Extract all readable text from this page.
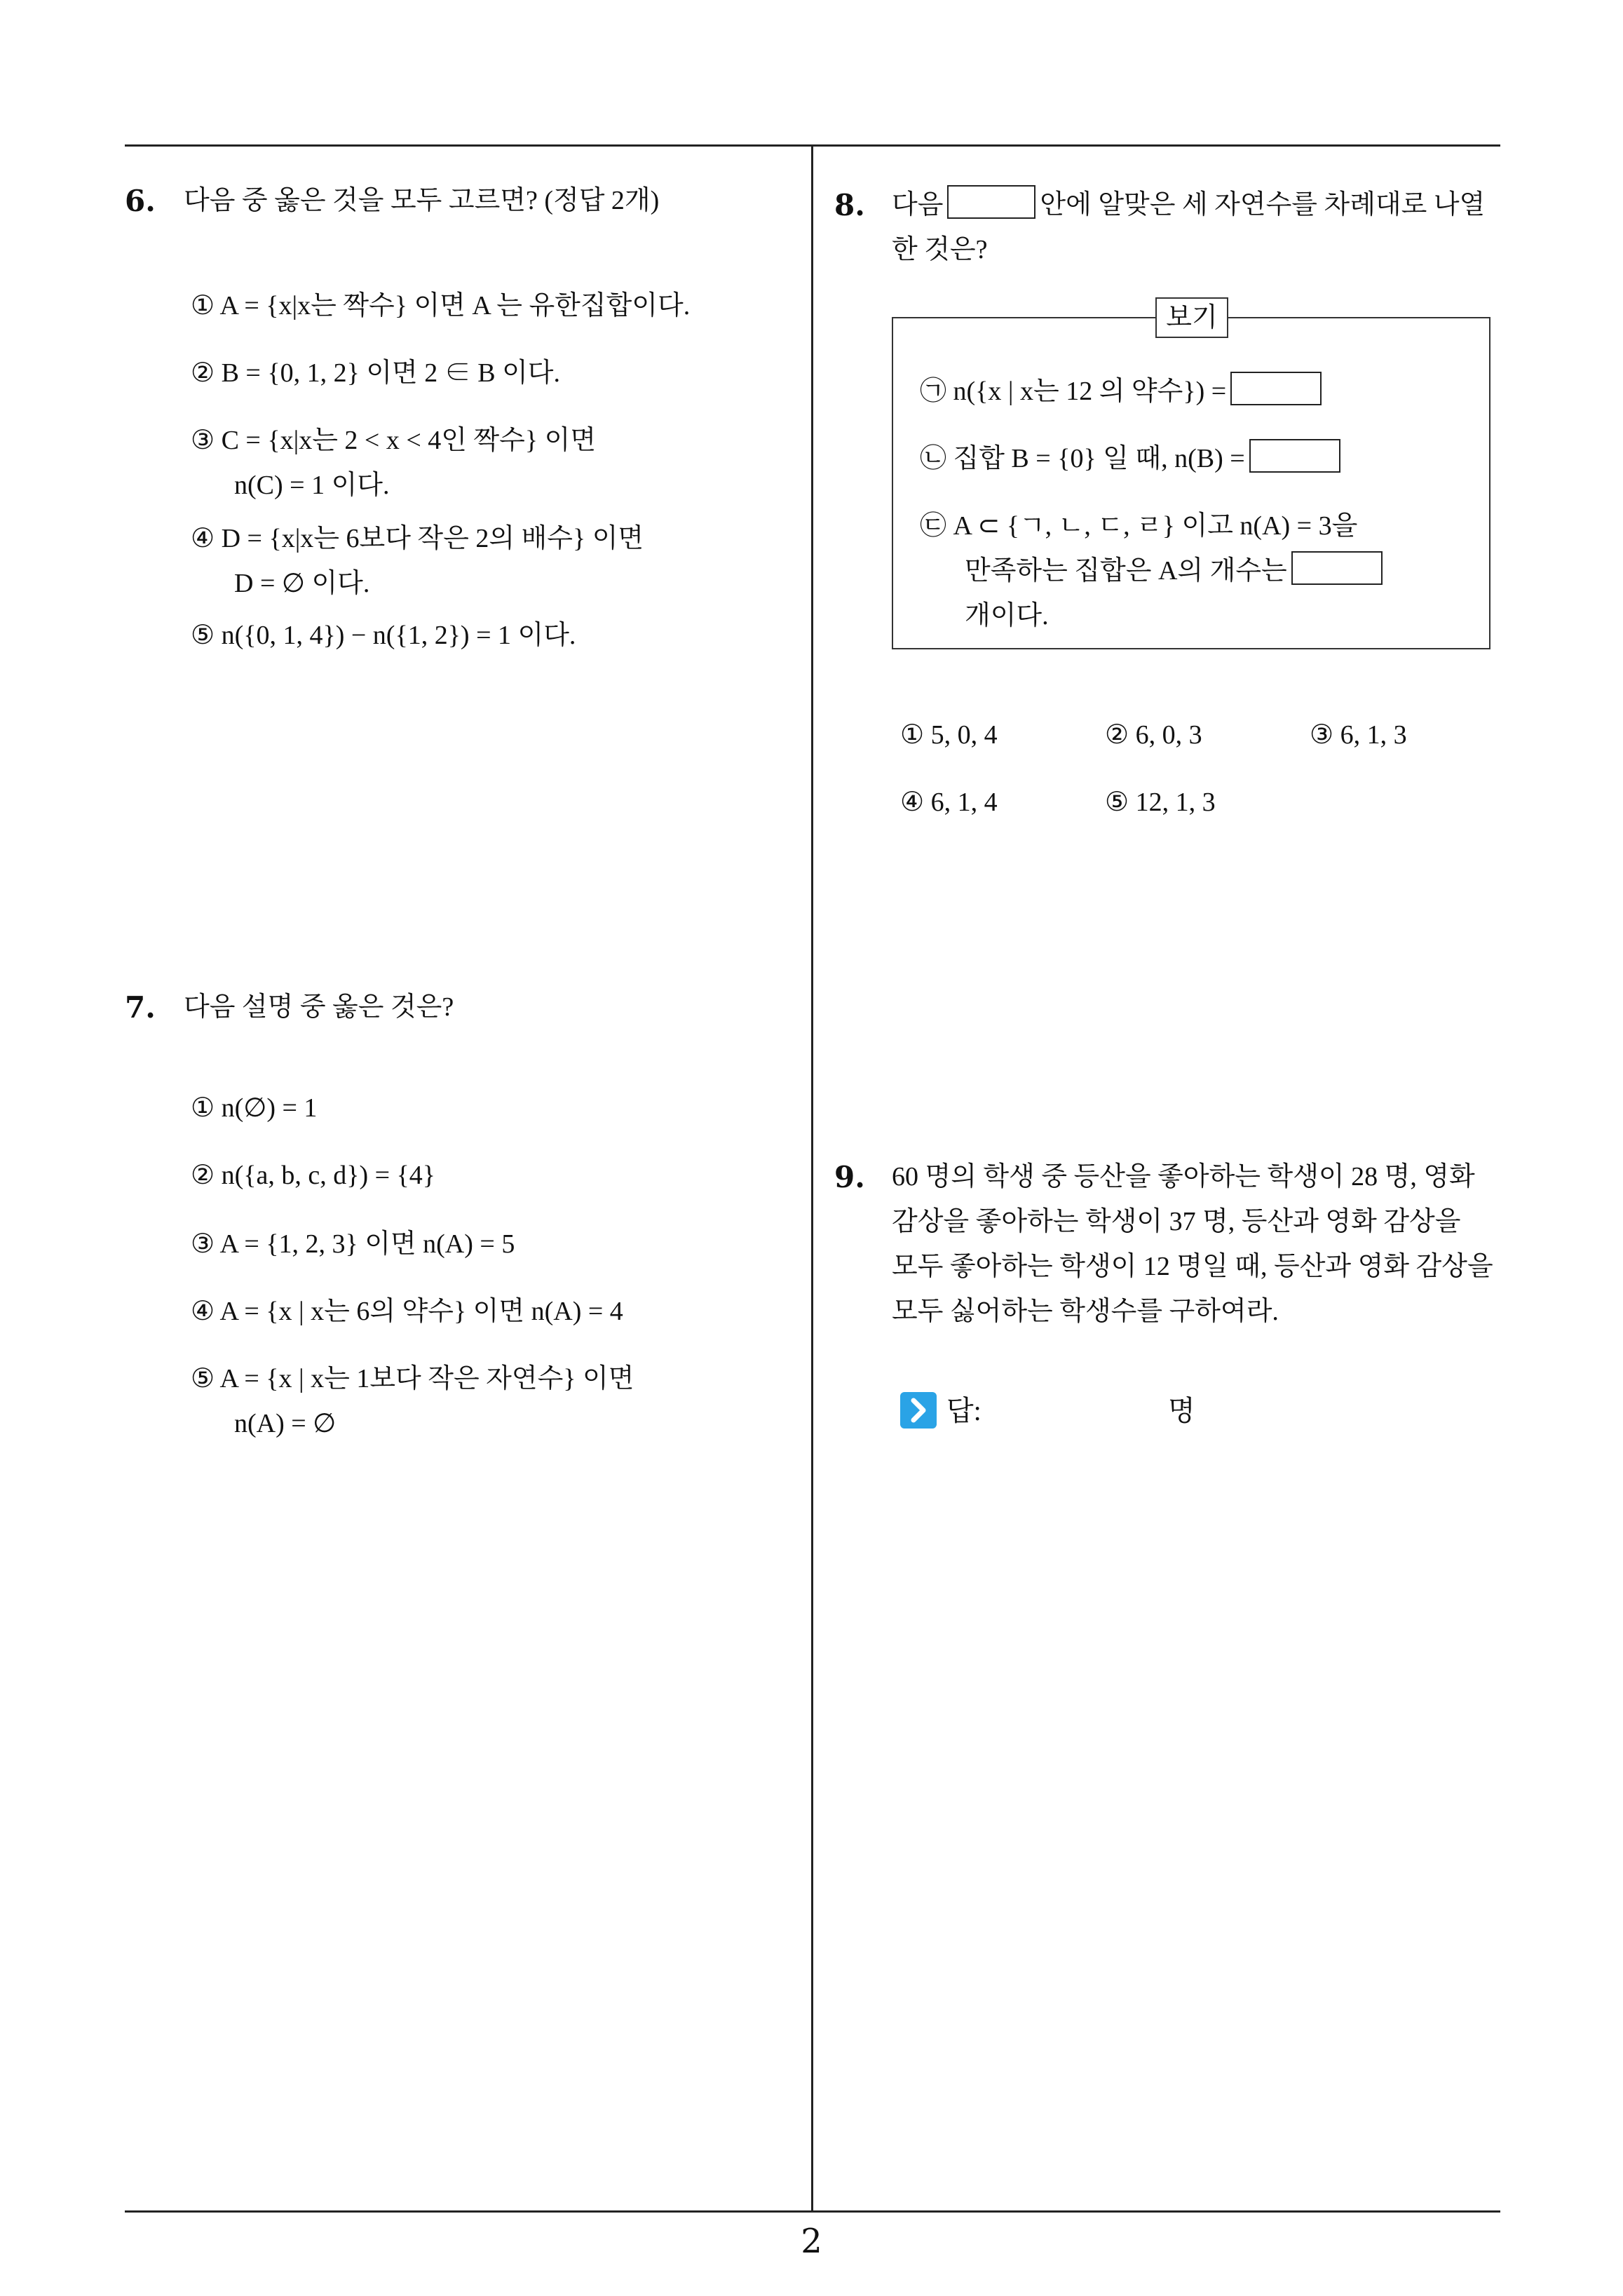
6. 다음 중 옳은 것을 모두 고르면? (정답 2개)
① A = {x|x는 짝수} 이면 A 는 유한집합이다.
② B = {0, 1, 2} 이면 2 ∈ B 이다.
③ C = {x|x는 2 < x < 4인 짝수} 이면
n(C) = 1 이다.
④ D = {x|x는 6보다 작은 2의 배수} 이면
D = ∅ 이다.
⑤ n({0, 1, 4}) − n({1, 2}) = 1 이다.
7. 다음 설명 중 옳은 것은?
① n(∅) = 1
② n({a, b, c, d}) = {4}
③ A = {1, 2, 3} 이면 n(A) = 5
④ A = {x | x는 6의 약수} 이면 n(A) = 4
⑤ A = {x | x는 1보다 작은 자연수} 이면
n(A) = ∅
8. 다음	안에 알맞은 세 자연수를 차례대로 나열
한 것은?
보기
㉠ n({x | x는 12 의 약수}) =
㉡ 집합 B = {0} 일 때, n(B) =
㉢ A ⊂ {ㄱ, ㄴ, ㄷ, ㄹ} 이고 n(A) = 3을
만족하는 집합은 A의 개수는
개이다.
① 5, 0, 4	② 6, 0, 3	③ 6, 1, 3
④ 6, 1, 4	⑤ 12, 1, 3
9. 60 명의 학생 중 등산을 좋아하는 학생이 28 명, 영화
감상을 좋아하는 학생이 37 명, 등산과 영화 감상을
모두 좋아하는 학생이 12 명일 때, 등산과 영화 감상을
모두 싫어하는 학생수를 구하여라.
답:	명
2
